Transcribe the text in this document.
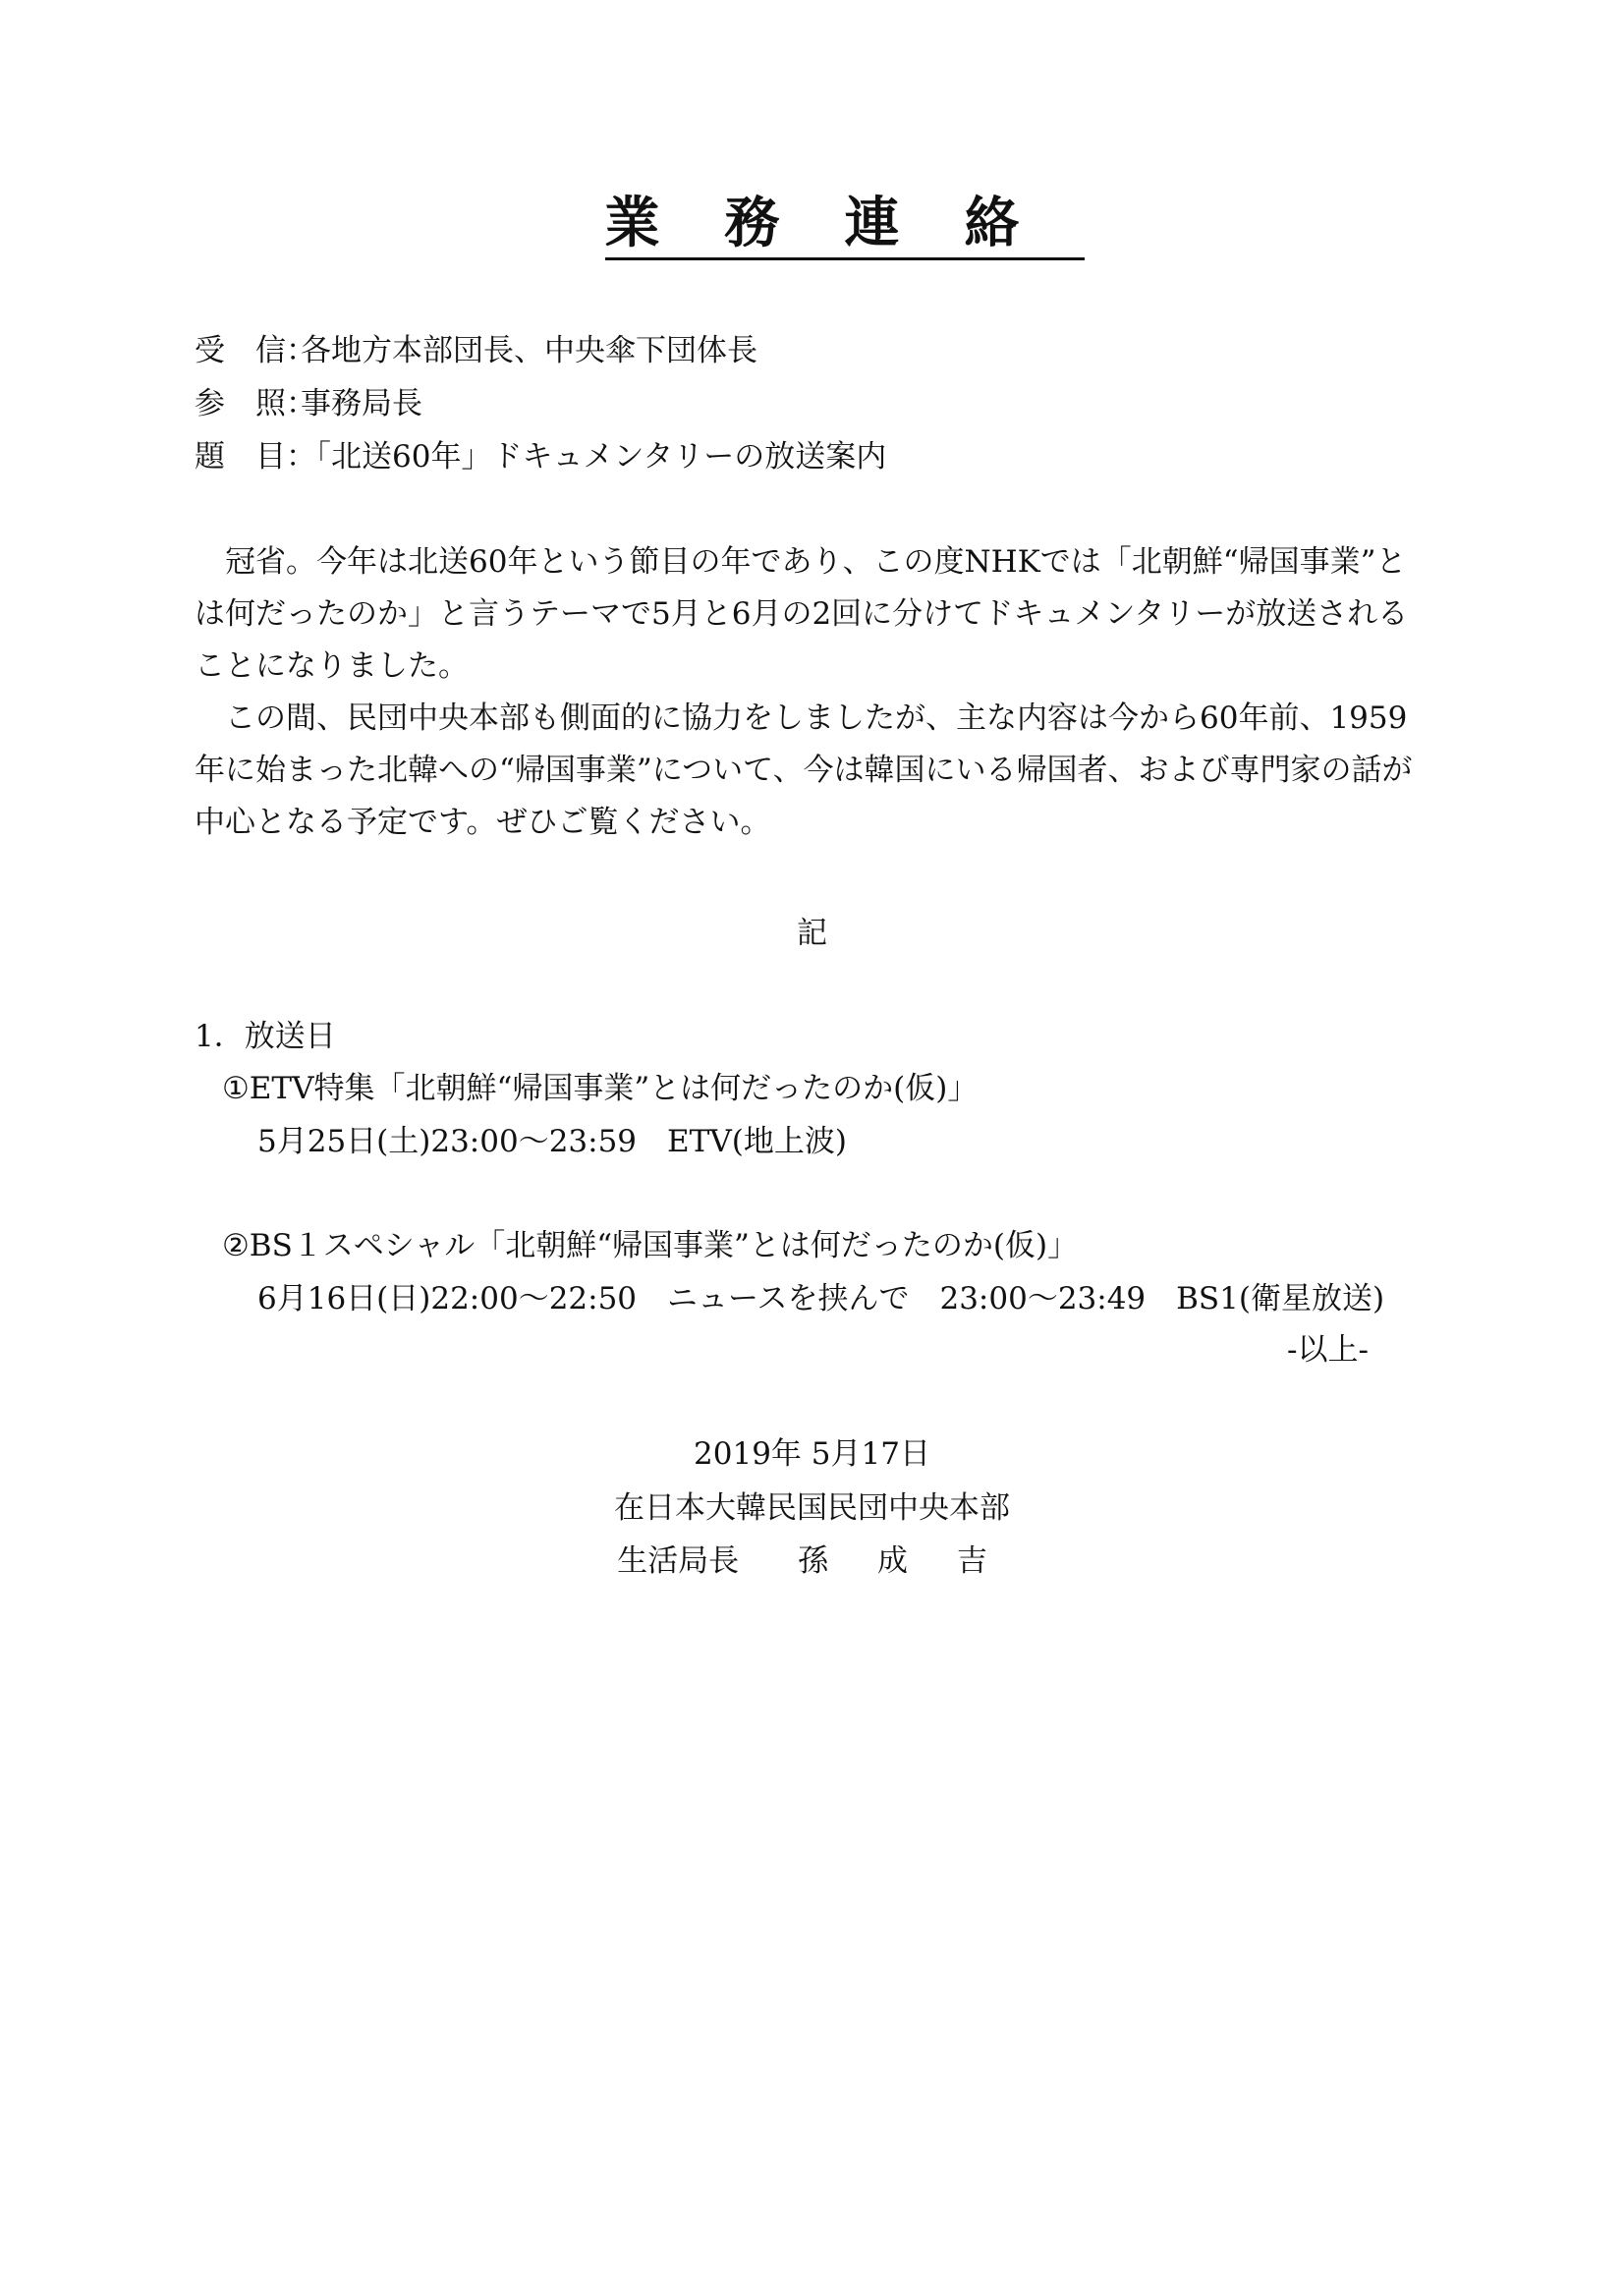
業務連絡
受　信：各地方本部団長、中央傘下団体長
参　照：事務局長
題　目：「北送60年」ドキュメンタリーの放送案内

冠省。今年は北送60年という節目の年であり、この度NHKでは「北朝鮮“帰国事業”とは何だったのか」と言うテーマで5月と6月の2回に分けてドキュメンタリーが放送されることになりました。

この間、民団中央本部も側面的に協力をしましたが、主な内容は今から60年前、1959年に始まった北韓への“帰国事業”について、今は韓国にいる帰国者、および専門家の話が中心となる予定です。ぜひご覧ください。

記
1．放送日
①ETV特集「北朝鮮“帰国事業”とは何だったのか(仮)」
5月25日(土)23:00～23:59　ETV(地上波)
②BS１スペシャル「北朝鮮“帰国事業”とは何だったのか(仮)」
6月16日(日)22:00～22:50　ニュースを挟んで　23:00～23:49　BS1(衛星放送)
-以上-
2019年 5月17日
在日本大韓民国民団中央本部
生活局長 孫 成 吉
